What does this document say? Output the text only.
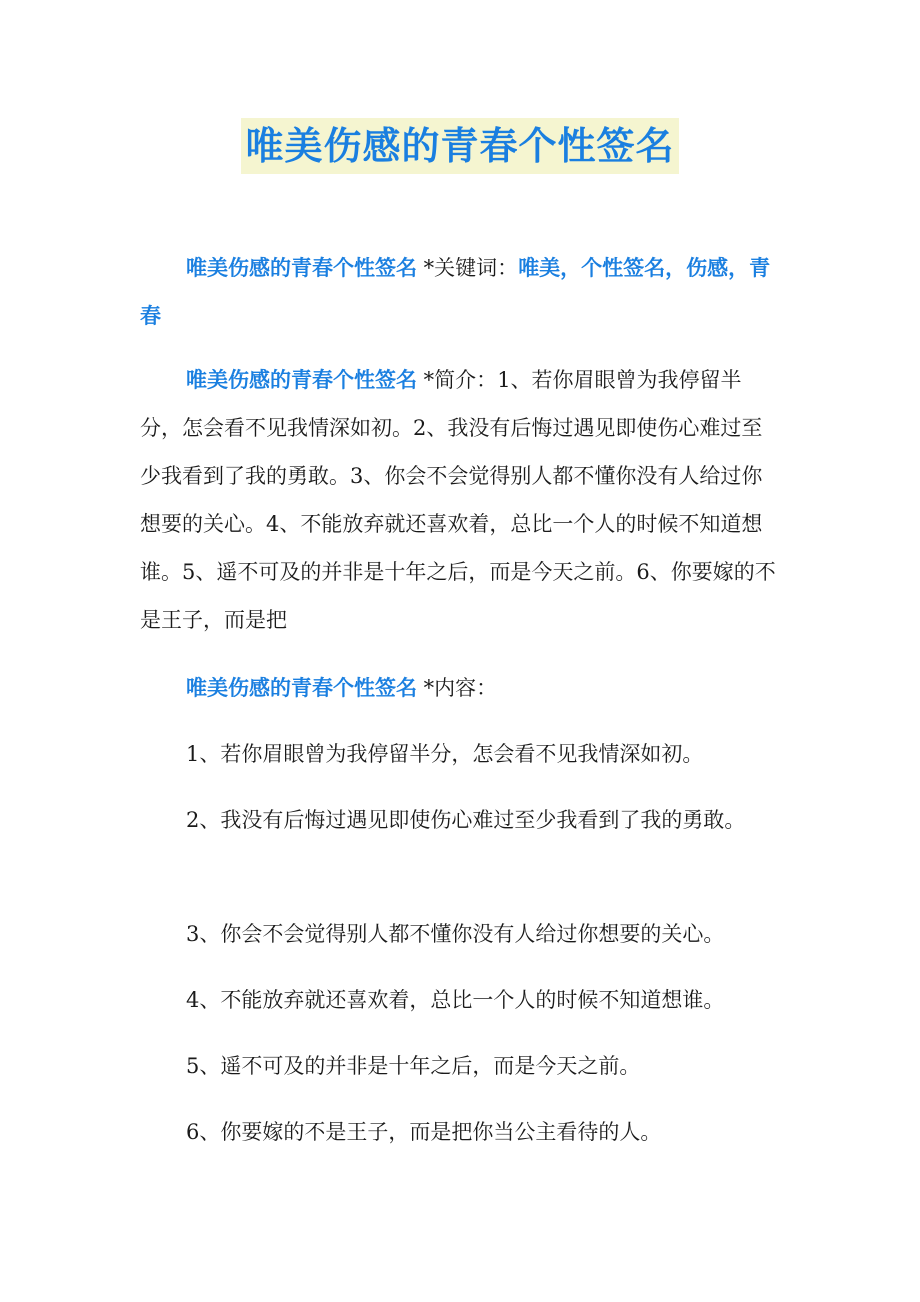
唯美伤感的青春个性签名
唯美伤感的青春个性签名 *关键词：唯美，个性签名，伤感，青春
唯美伤感的青春个性签名 *简介：1、若你眉眼曾为我停留半分，怎会看不见我情深如初。2、我没有后悔过遇见即使伤心难过至少我看到了我的勇敢。3、你会不会觉得别人都不懂你没有人给过你想要的关心。4、不能放弃就还喜欢着，总比一个人的时候不知道想谁。5、遥不可及的并非是十年之后，而是今天之前。6、你要嫁的不是王子，而是把
唯美伤感的青春个性签名 *内容：
1、若你眉眼曾为我停留半分，怎会看不见我情深如初。
2、我没有后悔过遇见即使伤心难过至少我看到了我的勇敢。
3、你会不会觉得别人都不懂你没有人给过你想要的关心。
4、不能放弃就还喜欢着，总比一个人的时候不知道想谁。
5、遥不可及的并非是十年之后，而是今天之前。
6、你要嫁的不是王子，而是把你当公主看待的人。
